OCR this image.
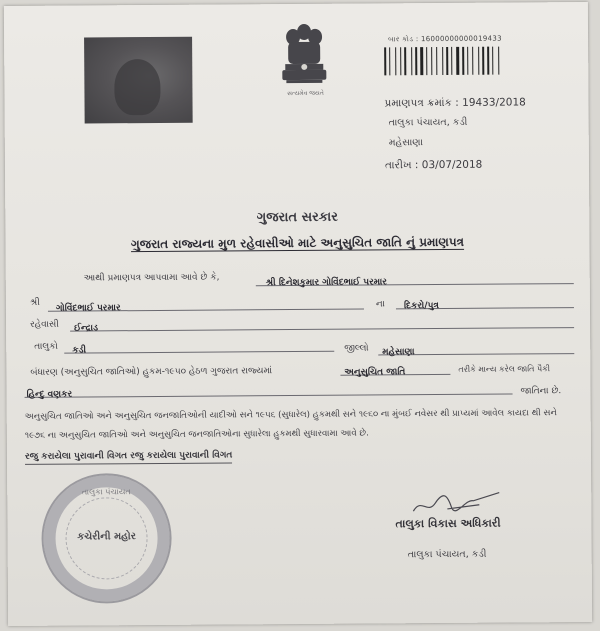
સત્યમેવ જયતે
બાર કોડ : 16000000000019433
પ્રમાણપત્ર ક્રમાંક : 19433/2018
તાલુકા પંચાયત, કડી
મહેસાણા
તારીખ : 03/07/2018
ગુજરાત સરકાર
ગુજરાત રાજ્યના મુળ રહેવાસીઓ માટે અનુસુચિત જાતિ નું પ્રમાણપત્ર
આથી પ્રમાણપત્ર આપવામા આવે છે કે,	શ્રી દિનેશકુમાર ગોવિંદભાઈ પરમાર
શ્રી
ગોવિંદભાઈ પરમાર	ના	દિકરો/પુત્ર
રહેવાસી	ઈન્દ્રાડ
તાલુકો	કડી	જીલ્લો	મહેસાણા
બંધારણ (અનુસુચિત જાતિઓ) હુકમ-૧૯૫૦ હેઠળ ગુજરાત રાજ્યમાં	અનુસુચિત જાતિ	તરીકે માન્ય કરેલ જાતિ પૈકી
હિન્દુ વણકર	જાતિના છે.
અનુસુચિત જાતિઓ અને અનુસુચિત જનજાતિઓની યાદીઓ સને ૧૯૫૬ (સુધારેલ) હુકમથી સને ૧૯૬૦ ના મુંબઈ નવેસર થી પ્રાપ્યમાં આવેલ કાયદા થી સને ૧૯૭૬ ના અનુસુચિત જાતિઓ અને અનુસુચિત જનજાતિઓના સુધારેલા હુકમથી સુધારવામા આવે છે.
રજુ કરાયેલા પુરાવાની વિગત રજુ કરાયેલા પુરાવાની વિગત
તાલુકા પંચાયત
કચેરીની મહોર
તાલુકા વિકાસ અધિકારી
તાલુકા પંચાયત, કડી
